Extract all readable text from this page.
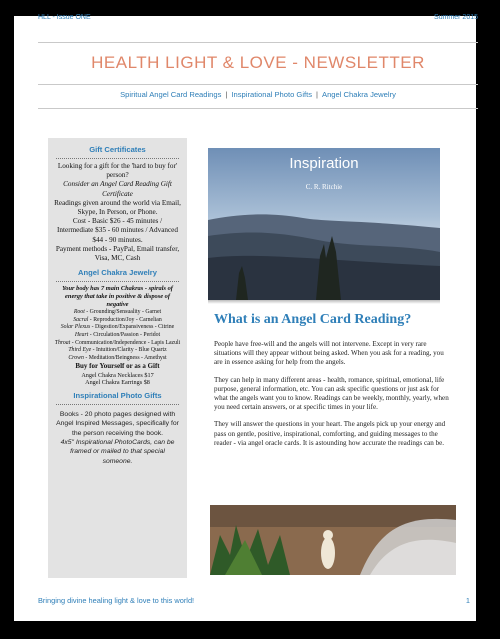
HLL - Issue ONE	Summer 2015
HEALTH LIGHT & LOVE - NEWSLETTER
Spiritual Angel Card Readings | Inspirational Photo Gifts | Angel Chakra Jewelry
Gift Certificates
Looking for a gift for the 'hard to buy for' person?
Consider an Angel Card Reading Gift Certificate
Readings given around the world via Email, Skype, In Person, or Phone.
Cost - Basic $26 - 45 minutes / Intermediate $35 - 60 minutes / Advanced $44 - 90 minutes.
Payment methods - PayPal, Email transfer, Visa, MC, Cash
Angel Chakra Jewelry
Your body has 7 main Chakras - spirals of energy that take in positive & dispose of negative
Root - Grounding/Sensuality - Garnet
Sacral - Reproduction/Joy - Carnelian
Solar Plexus - Digestion/Expansiveness - Citrine
Heart - Circulation/Passion - Peridot
Throat - Communication/Independence - Lapis Lazuli
Third Eye - Intuition/Clarity - Blue Quartz
Crown - Meditation/Beingness - Amethyst
Buy for Yourself or as a Gift
Angel Chakra Necklaces $17
Angel Chakra Earrings $8
Inspirational Photo Gifts
Books - 20 photo pages designed with Angel Inspired Messages, specifically for the person receiving the book.
4x5" Inspirational PhotoCards, can be framed or mailed to that special someone.
Inspiration
C. R. Ritchie
What is an Angel Card Reading?

People have free-will and the angels will not intervene. Except in very rare situations will they appear without being asked. When you ask for a reading, you are in essence asking for help from the angels.

They can help in many different areas - health, romance, spiritual, emotional, life purpose, general information, etc. You can ask specific questions or just ask for what the angels want you to know. Readings can be weekly, monthly, yearly, when you need certain answers, or at specific times in your life.

They will answer the questions in your heart. The angels pick up your energy and pass on gentle, positive, inspirational, comforting, and guiding messages to the reader - via angel oracle cards. It is astounding how accurate the readings can be.

Bringing divine healing light & love to this world!	1
